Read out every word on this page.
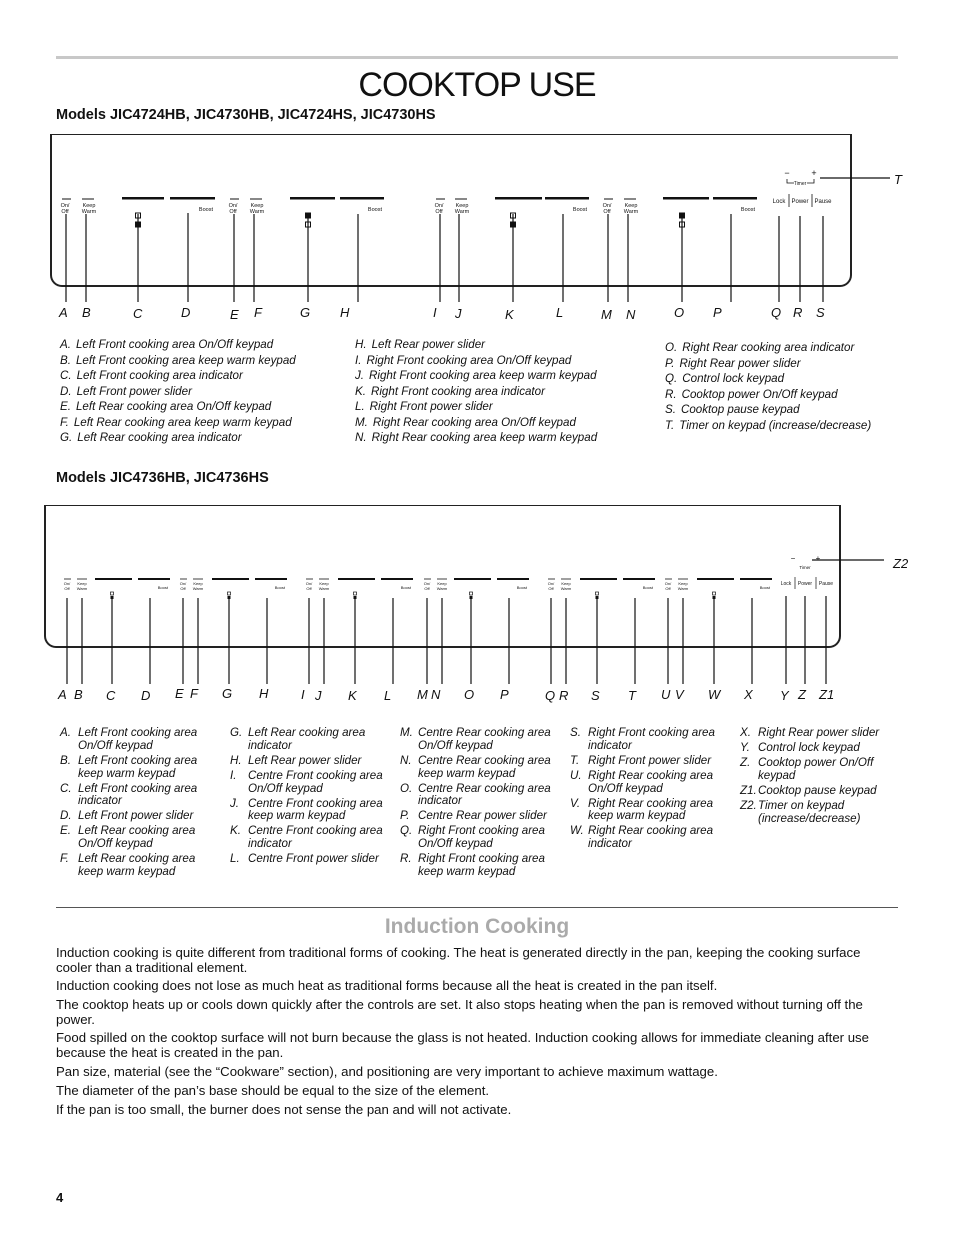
COOKTOP USE
Models JIC4724HB, JIC4730HB, JIC4724HS, JIC4730HS
On/
Off
Keep
Warm	Boost
On/
Off
Keep
Warm	Boost
On/
Off
Keep
Warm	Boost
On/
Off
Keep
Warm	Boost
− +
Timer
Lock Power Pause
A B	C	D	E F	G H	I J	K	L	M N	O P	Q R S
T
A. Left Front cooking area On/Off keypad
B. Left Front cooking area keep warm keypad
C. Left Front cooking area indicator
D. Left Front power slider
E. Left Rear cooking area On/Off keypad
F. Left Rear cooking area keep warm keypad
G. Left Rear cooking area indicator
H. Left Rear power slider
I. Right Front cooking area On/Off keypad
J. Right Front cooking area keep warm keypad
K. Right Front cooking area indicator
L. Right Front power slider
M. Right Rear cooking area On/Off keypad
N. Right Rear cooking area keep warm keypad
O. Right Rear cooking area indicator
P. Right Rear power slider
Q. Control lock keypad
R. Cooktop power On/Off keypad
S. Cooktop pause keypad
T. Timer on keypad (increase/decrease)
Models JIC4736HB, JIC4736HS
On/
Off
Keep
Warm	Boost
On/
Off
Keep
Warm	Boost
On/
Off
Keep
Warm	Boost
On/
Off
Keep
Warm	Boost
On/
Off
Keep
Warm	Boost
On/
Off
Keep
Warm	Boost
−	+
Timer
Lock Power Pause
A B C D E F G H	I J K L M N O P	Q R S T U V W X Y Z Z1
Z2
A. Left Front cooking area On/Off keypad
B. Left Front cooking area keep warm keypad
C. Left Front cooking area indicator
D. Left Front power slider
E. Left Rear cooking area On/Off keypad
F. Left Rear cooking area keep warm keypad
G. Left Rear cooking area indicator
H. Left Rear power slider
I. Centre Front cooking area On/Off keypad
J. Centre Front cooking area keep warm keypad
K. Centre Front cooking area indicator
L. Centre Front power slider
M. Centre Rear cooking area On/Off keypad
N. Centre Rear cooking area keep warm keypad
O. Centre Rear cooking area indicator
P. Centre Rear power slider
Q. Right Front cooking area On/Off keypad
R. Right Front cooking area keep warm keypad
S. Right Front cooking area indicator
T. Right Front power slider
U. Right Rear cooking area On/Off keypad
V. Right Rear cooking area keep warm keypad
W. Right Rear cooking area indicator
X. Right Rear power slider
Y. Control lock keypad
Z. Cooktop power On/Off keypad
Z1. Cooktop pause keypad
Z2. Timer on keypad (increase/decrease)
Induction Cooking
Induction cooking is quite different from traditional forms of cooking. The heat is generated directly in the pan, keeping the cooking surface cooler than a traditional element.
Induction cooking does not lose as much heat as traditional forms because all the heat is created in the pan itself.
The cooktop heats up or cools down quickly after the controls are set. It also stops heating when the pan is removed without turning off the power.
Food spilled on the cooktop surface will not burn because the glass is not heated. Induction cooking allows for immediate cleaning after use because the heat is created in the pan.
Pan size, material (see the “Cookware” section), and positioning are very important to achieve maximum wattage.
The diameter of the pan’s base should be equal to the size of the element.
If the pan is too small, the burner does not sense the pan and will not activate.
4
